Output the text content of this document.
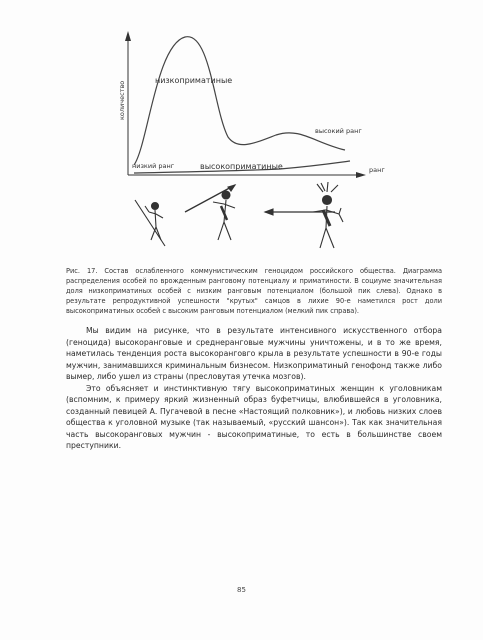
количество
ранг
низкоприматиные
высокоприматиные
высокий ранг
низкий ранг
Рис. 17. Состав ослабленного коммунистическим геноцидом российского общества. Диаграмма распределения особей по врожденным ранговому потенциалу и приматиности. В социуме значительная доля низкоприматиных особей с низким ранговым потенциалом (большой пик слева). Однако в результате репродуктивной успешности "крутых" самцов в лихие 90-е наметился рост доли высокоприматиных особей с высоким ранговым потенциалом (мелкий пик справа).

Мы видим на рисунке, что в результате интенсивного искусственного отбора (геноцида) высокоранговые и среднеранговые мужчины уничтожены, и в то же время, наметилась тенденция роста высокоранговго крыла в результате успешности в 90-е годы мужчин, занимавшихся криминальным бизнесом. Низкоприматиный генофонд также либо вымер, либо ушел из страны (пресловутая утечка мозгов).

Это объясняет и инстинктивную тягу высокоприматиных женщин к уголовникам (вспомним, к примеру яркий жизненный образ буфетчицы, влюбившейся в уголовника, созданный певицей А. Пугачевой в песне «Настоящий полковник»), и любовь низких слоев общества к уголовной музыке (так называемый, «русский шансон»). Так как значительная часть высокоранговых мужчин - высокоприматиные, то есть в большинстве своем преступники.

85
